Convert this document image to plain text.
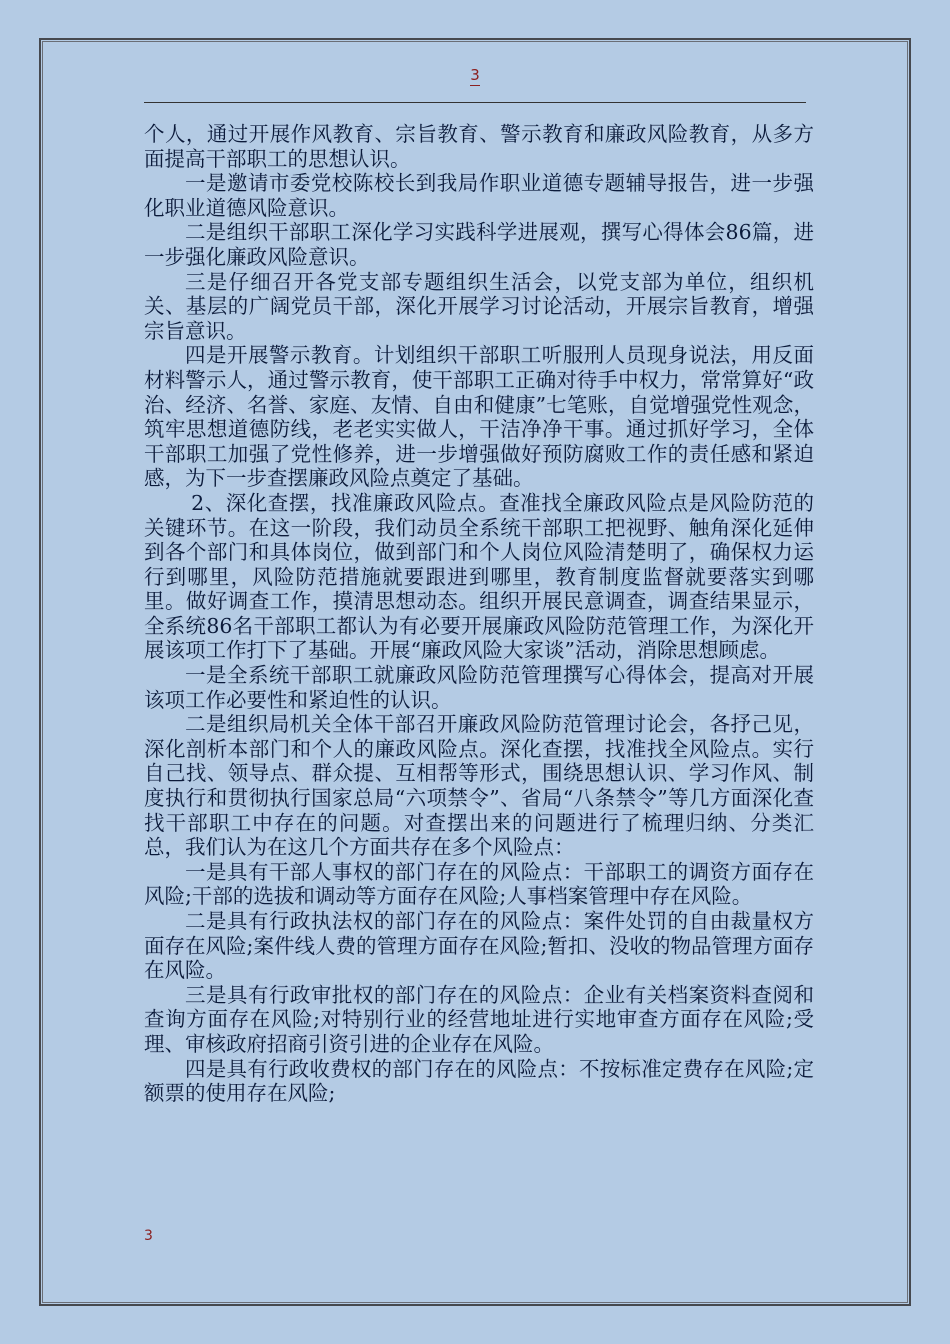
3

个人，通过开展作风教育、宗旨教育、警示教育和廉政风险教育，从多方面提高干部职工的思想认识。

一是邀请市委党校陈校长到我局作职业道德专题辅导报告，进一步强化职业道德风险意识。

二是组织干部职工深化学习实践科学进展观，撰写心得体会86篇，进一步强化廉政风险意识。

三是仔细召开各党支部专题组织生活会，以党支部为单位，组织机关、基层的广阔党员干部，深化开展学习讨论活动，开展宗旨教育，增强宗旨意识。

四是开展警示教育。计划组织干部职工听服刑人员现身说法，用反面材料警示人，通过警示教育，使干部职工正确对待手中权力，常常算好“政治、经济、名誉、家庭、友情、自由和健康”七笔账，自觉增强党性观念，筑牢思想道德防线，老老实实做人，干洁净净干事。通过抓好学习，全体干部职工加强了党性修养，进一步增强做好预防腐败工作的责任感和紧迫感，为下一步查摆廉政风险点奠定了基础。

2、深化查摆，找准廉政风险点。查准找全廉政风险点是风险防范的关键环节。在这一阶段，我们动员全系统干部职工把视野、触角深化延伸到各个部门和具体岗位，做到部门和个人岗位风险清楚明了，确保权力运行到哪里，风险防范措施就要跟进到哪里，教育制度监督就要落实到哪里。做好调查工作，摸清思想动态。组织开展民意调查，调查结果显示，全系统86名干部职工都认为有必要开展廉政风险防范管理工作，为深化开展该项工作打下了基础。开展“廉政风险大家谈”活动，消除思想顾虑。

一是全系统干部职工就廉政风险防范管理撰写心得体会，提高对开展该项工作必要性和紧迫性的认识。

二是组织局机关全体干部召开廉政风险防范管理讨论会，各抒己见，深化剖析本部门和个人的廉政风险点。深化查摆，找准找全风险点。实行自己找、领导点、群众提、互相帮等形式，围绕思想认识、学习作风、制度执行和贯彻执行国家总局“六项禁令”、省局“八条禁令”等几方面深化查找干部职工中存在的问题。对查摆出来的问题进行了梳理归纳、分类汇总，我们认为在这几个方面共存在多个风险点：

一是具有干部人事权的部门存在的风险点：干部职工的调资方面存在风险;干部的选拔和调动等方面存在风险;人事档案管理中存在风险。

二是具有行政执法权的部门存在的风险点：案件处罚的自由裁量权方面存在风险;案件线人费的管理方面存在风险;暂扣、没收的物品管理方面存在风险。

三是具有行政审批权的部门存在的风险点：企业有关档案资料查阅和查询方面存在风险;对特别行业的经营地址进行实地审查方面存在风险;受理、审核政府招商引资引进的企业存在风险。

四是具有行政收费权的部门存在的风险点：不按标准定费存在风险;定额票的使用存在风险;

3
